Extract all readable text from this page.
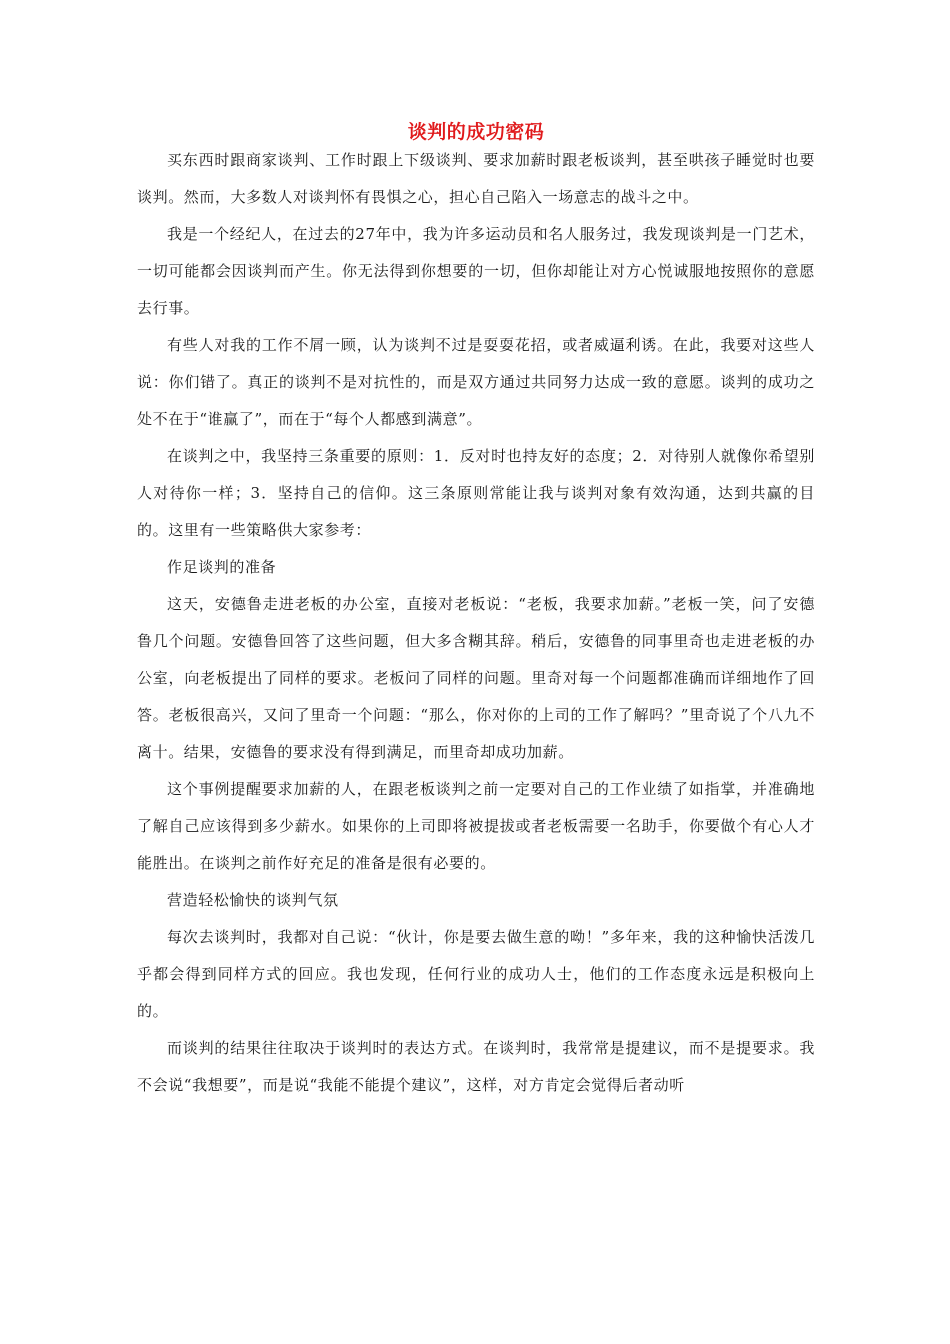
谈判的成功密码

买东西时跟商家谈判、工作时跟上下级谈判、要求加薪时跟老板谈判，甚至哄孩子睡觉时也要谈判。然而，大多数人对谈判怀有畏惧之心，担心自己陷入一场意志的战斗之中。

我是一个经纪人，在过去的27年中，我为许多运动员和名人服务过，我发现谈判是一门艺术，一切可能都会因谈判而产生。你无法得到你想要的一切，但你却能让对方心悦诚服地按照你的意愿去行事。

有些人对我的工作不屑一顾，认为谈判不过是耍耍花招，或者威逼利诱。在此，我要对这些人说：你们错了。真正的谈判不是对抗性的，而是双方通过共同努力达成一致的意愿。谈判的成功之处不在于“谁赢了”，而在于“每个人都感到满意”。

在谈判之中，我坚持三条重要的原则：1．反对时也持友好的态度；2．对待别人就像你希望别人对待你一样；3．坚持自己的信仰。这三条原则常能让我与谈判对象有效沟通，达到共赢的目的。这里有一些策略供大家参考：

作足谈判的准备

这天，安德鲁走进老板的办公室，直接对老板说：“老板，我要求加薪。”老板一笑，问了安德鲁几个问题。安德鲁回答了这些问题，但大多含糊其辞。稍后，安德鲁的同事里奇也走进老板的办公室，向老板提出了同样的要求。老板问了同样的问题。里奇对每一个问题都准确而详细地作了回答。老板很高兴，又问了里奇一个问题：“那么，你对你的上司的工作了解吗？”里奇说了个八九不离十。结果，安德鲁的要求没有得到满足，而里奇却成功加薪。

这个事例提醒要求加薪的人，在跟老板谈判之前一定要对自己的工作业绩了如指掌，并准确地了解自己应该得到多少薪水。如果你的上司即将被提拔或者老板需要一名助手，你要做个有心人才能胜出。在谈判之前作好充足的准备是很有必要的。

营造轻松愉快的谈判气氛

每次去谈判时，我都对自己说：“伙计，你是要去做生意的呦！”多年来，我的这种愉快活泼几乎都会得到同样方式的回应。我也发现，任何行业的成功人士，他们的工作态度永远是积极向上的。

而谈判的结果往往取决于谈判时的表达方式。在谈判时，我常常是提建议，而不是提要求。我不会说“我想要”，而是说“我能不能提个建议”，这样，对方肯定会觉得后者动听
